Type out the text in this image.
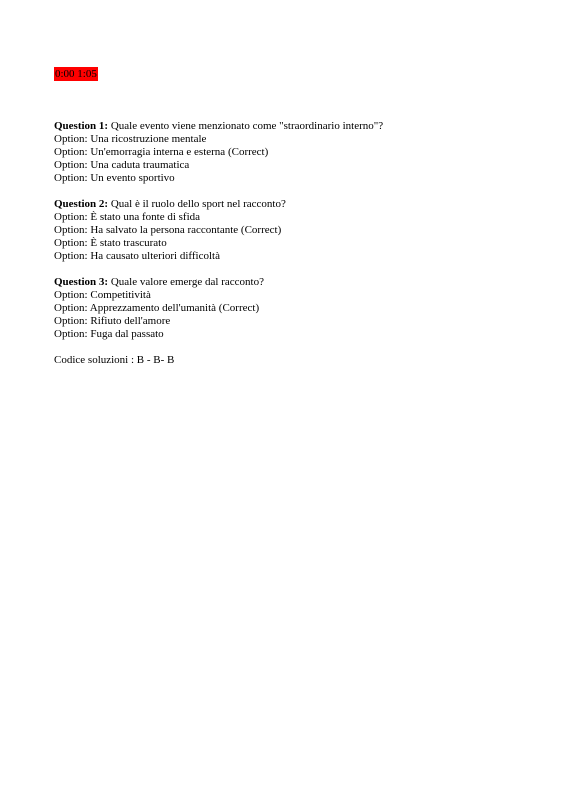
0:00 1:05
Question 1: Quale evento viene menzionato come "straordinario interno"?
Option: Una ricostruzione mentale
Option: Un'emorragia interna e esterna (Correct)
Option: Una caduta traumatica
Option: Un evento sportivo
Question 2: Qual è il ruolo dello sport nel racconto?
Option: È stato una fonte di sfida
Option: Ha salvato la persona raccontante (Correct)
Option: È stato trascurato
Option: Ha causato ulteriori difficoltà
Question 3: Quale valore emerge dal racconto?
Option: Competitività
Option: Apprezzamento dell'umanità (Correct)
Option: Rifiuto dell'amore
Option: Fuga dal passato
Codice soluzioni : B - B- B
